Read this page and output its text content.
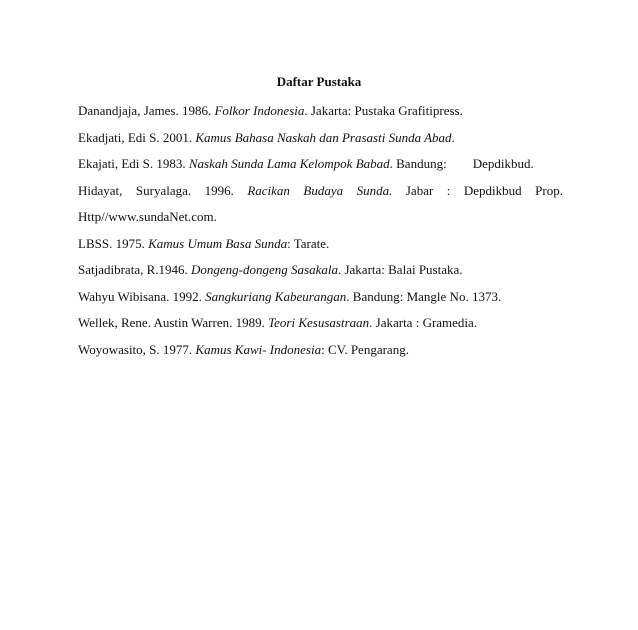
Daftar Pustaka
Danandjaja, James. 1986. Folkor Indonesia. Jakarta: Pustaka Grafitipress.
Ekadjati, Edi S. 2001. Kamus Bahasa Naskah dan Prasasti Sunda Abad.
Ekajati, Edi S. 1983. Naskah Sunda Lama Kelompok Babad. Bandung:        Depdikbud.
Hidayat, Suryalaga. 1996. Racikan Budaya Sunda. Jabar : Depdikbud Prop.
Http//www.sundaNet.com.
LBSS. 1975. Kamus Umum Basa Sunda: Tarate.
Satjadibrata, R.1946. Dongeng-dongeng Sasakala. Jakarta: Balai Pustaka.
Wahyu Wibisana. 1992. Sangkuriang Kabeurangan. Bandung: Mangle No. 1373.
Wellek, Rene. Austin Warren. 1989. Teori Kesusastraan. Jakarta : Gramedia.
Woyowasito, S. 1977. Kamus Kawi- Indonesia: CV. Pengarang.
